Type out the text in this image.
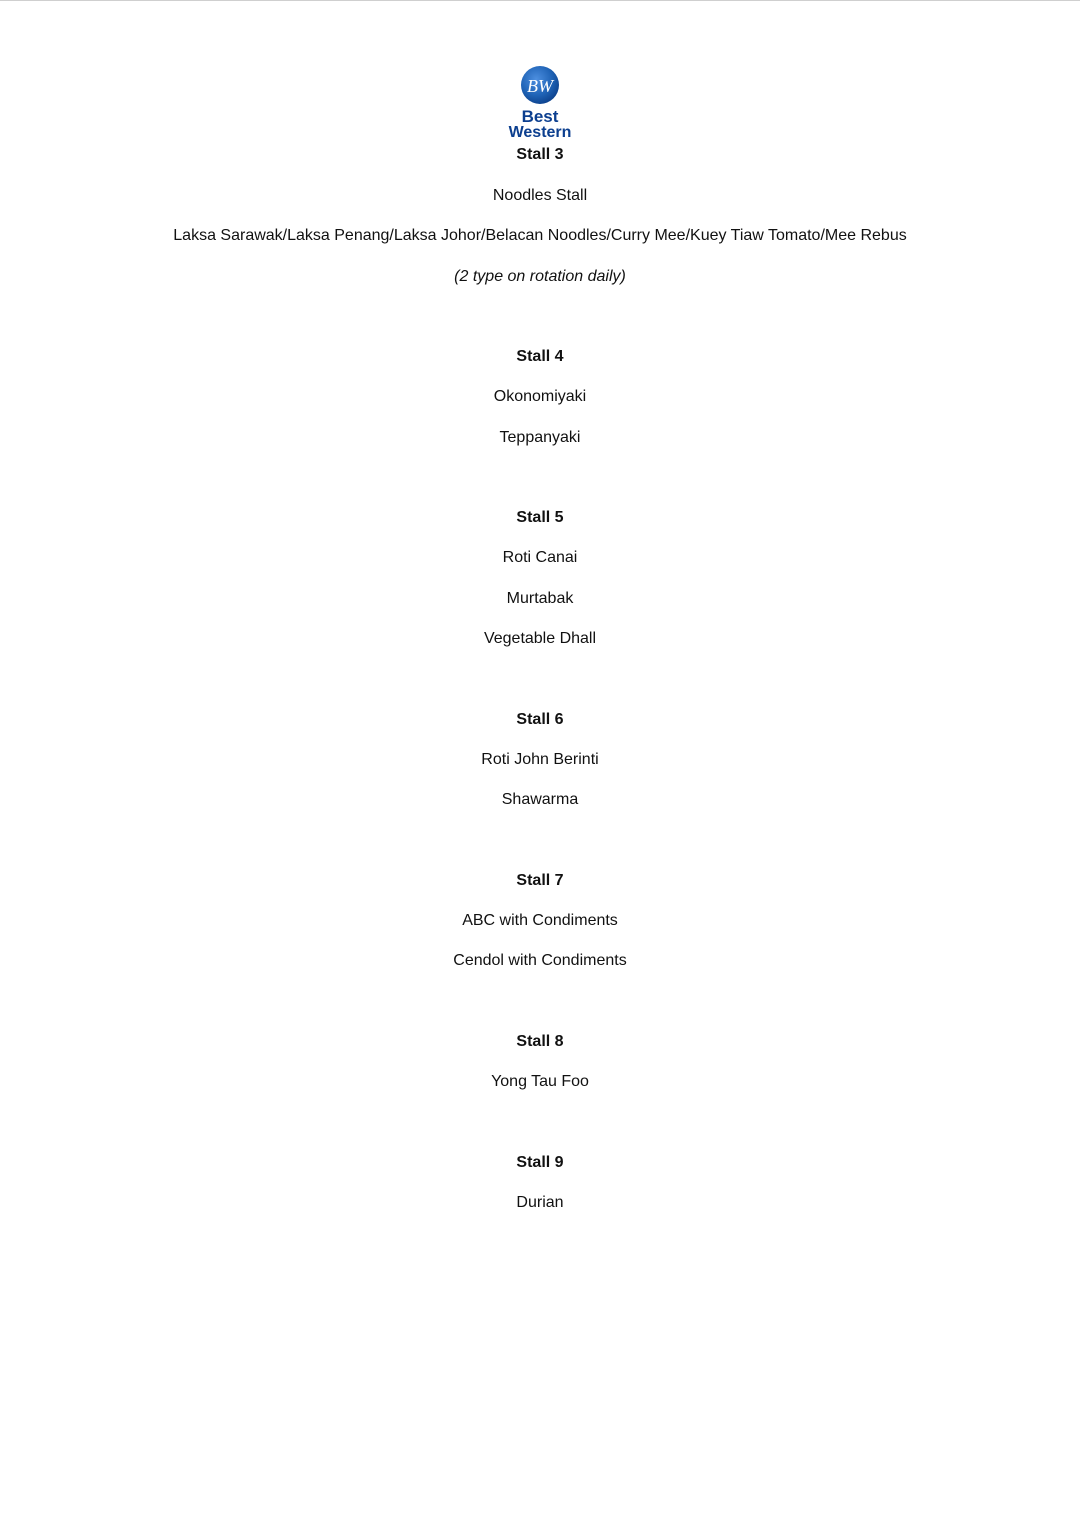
BW
Best
Western
Stall 3
Noodles Stall
Laksa Sarawak/Laksa Penang/Laksa Johor/Belacan Noodles/Curry Mee/Kuey Tiaw Tomato/Mee Rebus
(2 type on rotation daily)
Stall 4
Okonomiyaki
Teppanyaki
Stall 5
Roti Canai
Murtabak
Vegetable Dhall
Stall 6
Roti John Berinti
Shawarma
Stall 7
ABC with Condiments
Cendol with Condiments
Stall 8
Yong Tau Foo
Stall 9
Durian
